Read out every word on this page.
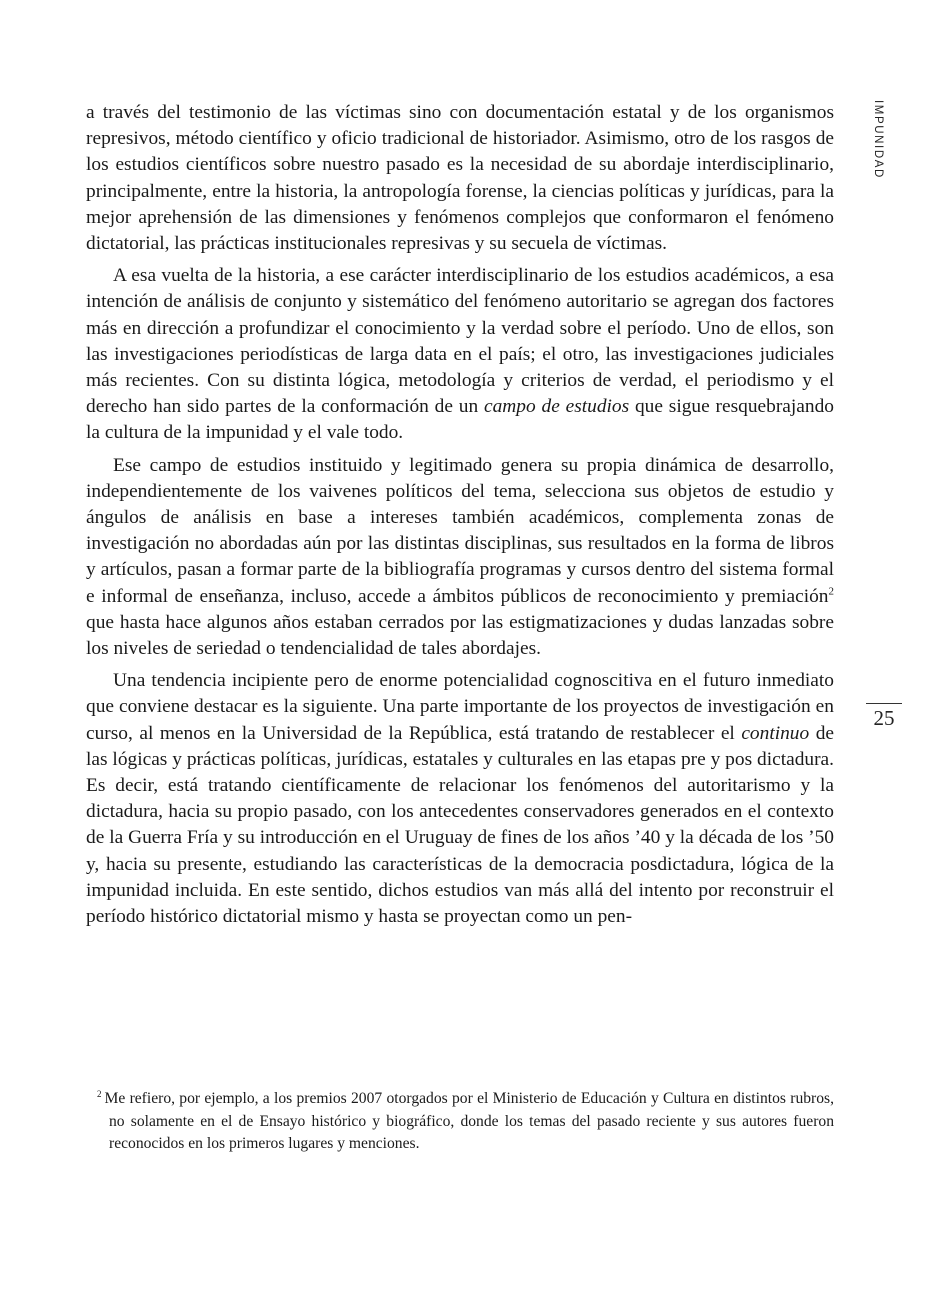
IMPUNIDAD
25

a través del testimonio de las víctimas sino con documentación estatal y de los organismos represivos, método científico y oficio tradicional de historiador. Asimismo, otro de los rasgos de los estudios científicos sobre nuestro pasado es la necesidad de su abordaje interdisciplinario, principalmente, entre la historia, la antropología forense, la ciencias políticas y jurídicas, para la mejor aprehensión de las dimensiones y fenómenos complejos que conformaron el fenómeno dictatorial, las prácticas institucionales represivas y su secuela de víctimas.

A esa vuelta de la historia, a ese carácter interdisciplinario de los estudios académicos, a esa intención de análisis de conjunto y sistemático del fenómeno autoritario se agregan dos factores más en dirección a profundizar el conocimiento y la verdad sobre el período. Uno de ellos, son las investigaciones periodísticas de larga data en el país; el otro, las investigaciones judiciales más recientes. Con su distinta lógica, metodología y criterios de verdad, el periodismo y el derecho han sido partes de la conformación de un campo de estudios que sigue resquebrajando la cultura de la impunidad y el vale todo.

Ese campo de estudios instituido y legitimado genera su propia dinámica de desarrollo, independientemente de los vaivenes políticos del tema, selecciona sus objetos de estudio y ángulos de análisis en base a intereses también académicos, complementa zonas de investigación no abordadas aún por las distintas disciplinas, sus resultados en la forma de libros y artículos, pasan a formar parte de la bibliografía programas y cursos dentro del sistema formal e informal de enseñanza, incluso, accede a ámbitos públicos de reconocimiento y premiación$^2$ que hasta hace algunos años estaban cerrados por las estigmatizaciones y dudas lanzadas sobre los niveles de seriedad o tendencialidad de tales abordajes.

Una tendencia incipiente pero de enorme potencialidad cognoscitiva en el futuro inmediato que conviene destacar es la siguiente. Una parte importante de los proyectos de investigación en curso, al menos en la Universidad de la República, está tratando de restablecer el continuo de las lógicas y prácticas políticas, jurídicas, estatales y culturales en las etapas pre y pos dictadura. Es decir, está tratando científicamente de relacionar los fenómenos del autoritarismo y la dictadura, hacia su propio pasado, con los antecedentes conservadores generados en el contexto de la Guerra Fría y su introducción en el Uruguay de fines de los años ’40 y la década de los ’50 y, hacia su presente, estudiando las características de la democracia posdictadura, lógica de la impunidad incluida. En este sentido, dichos estudios van más allá del intento por reconstruir el período histórico dictatorial mismo y hasta se proyectan como un pen-

$^2$ Me refiero, por ejemplo, a los premios 2007 otorgados por el Ministerio de Educación y Cultura en distintos rubros, no solamente en el de Ensayo histórico y biográfico, donde los temas del pasado reciente y sus autores fueron reconocidos en los primeros lugares y menciones.
